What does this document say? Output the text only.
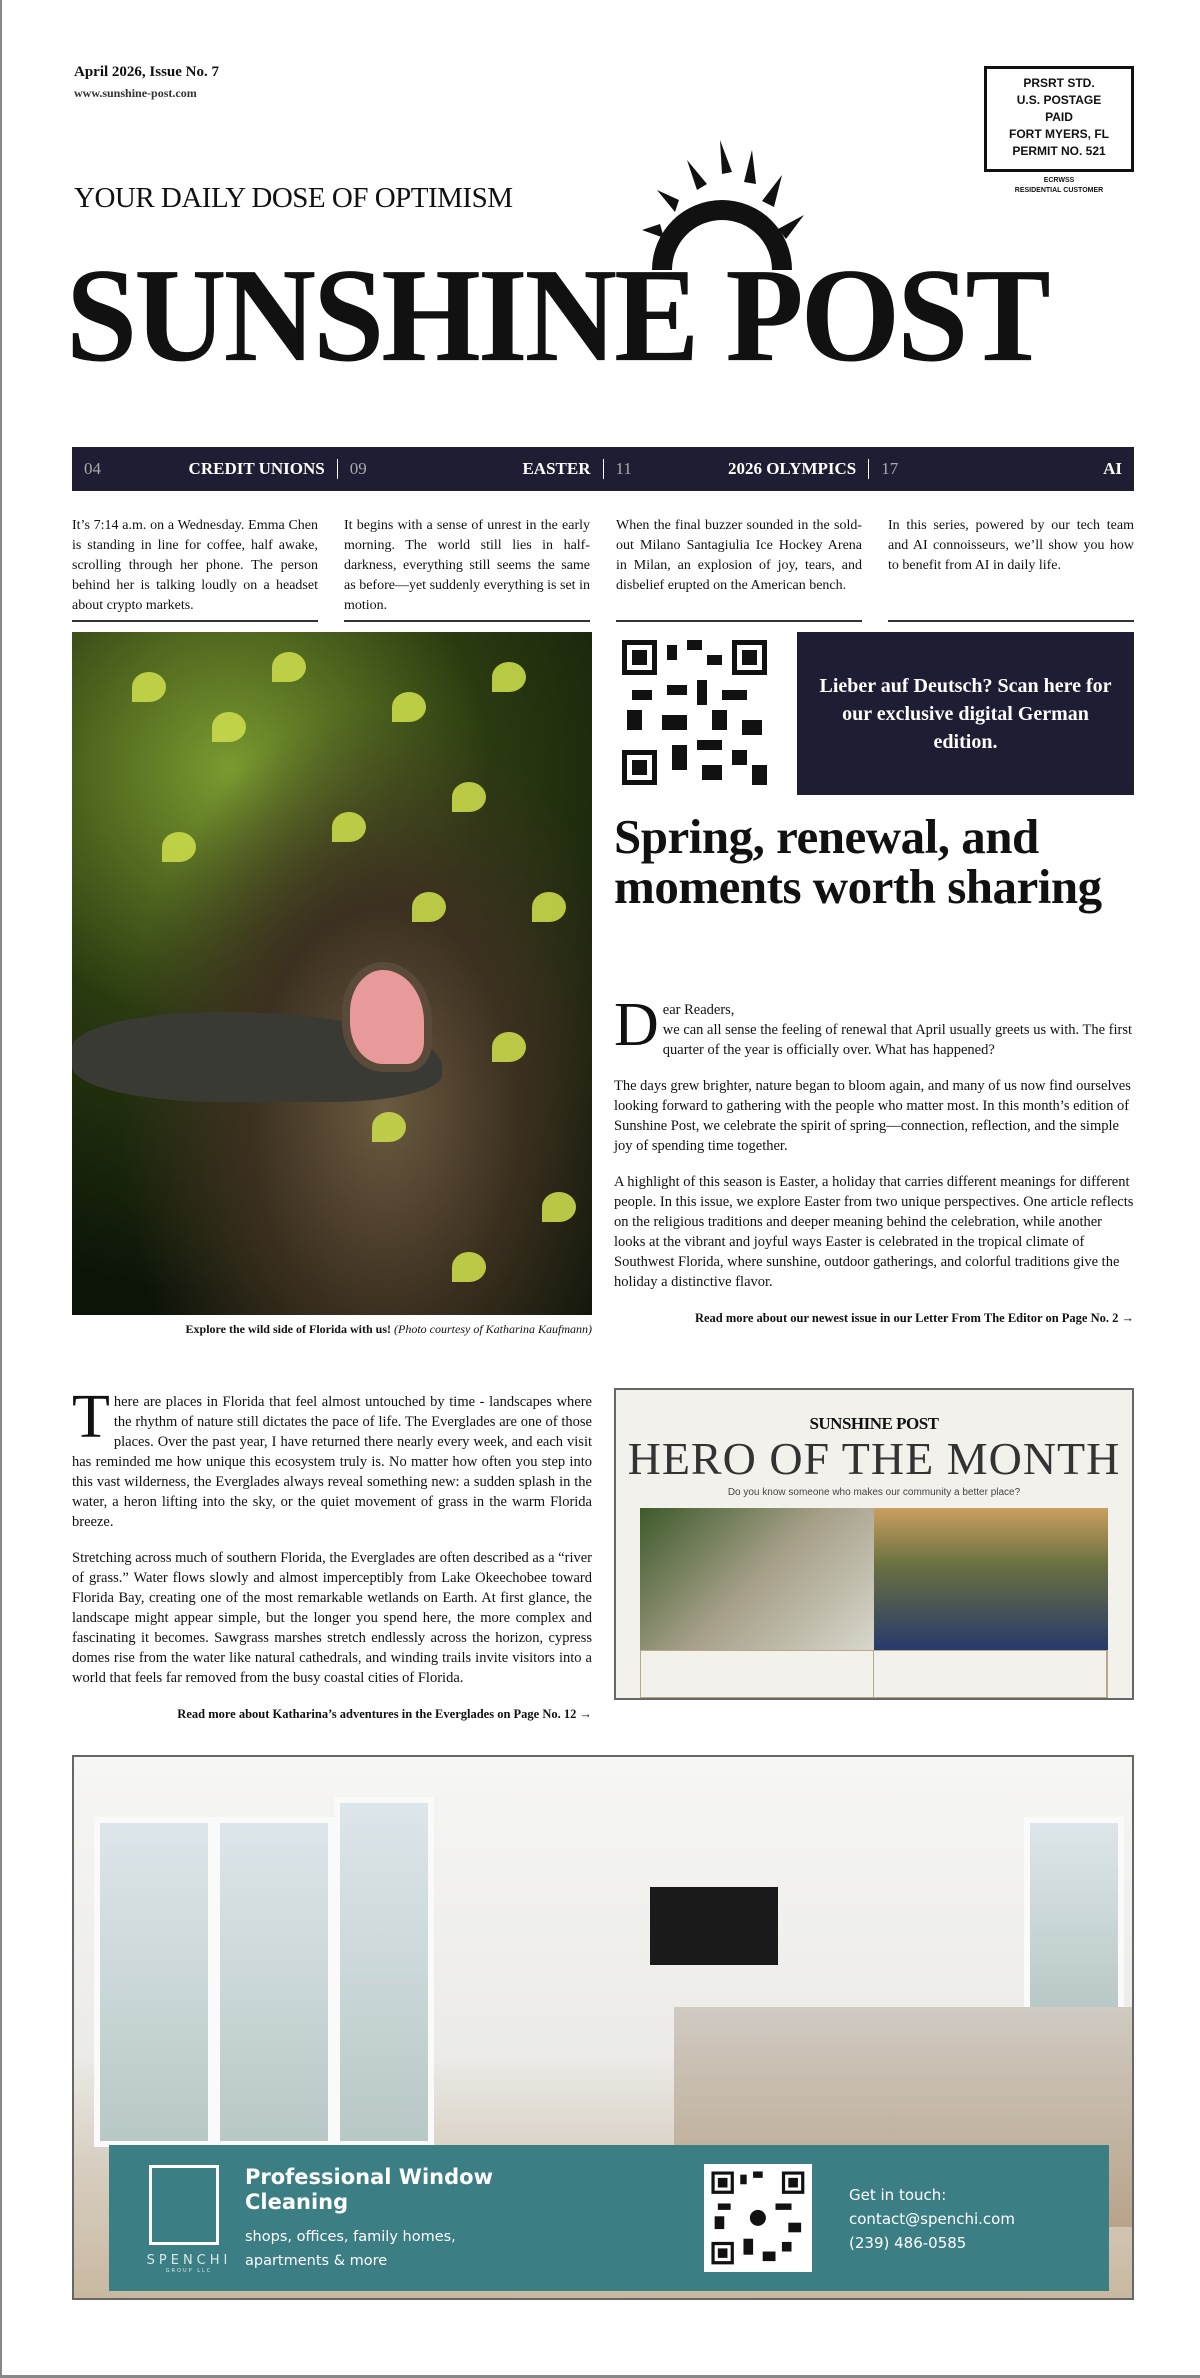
April 2026, Issue No. 7
www.sunshine-post.com
PRSRT STD.
U.S. POSTAGE
PAID
FORT MYERS, FL
PERMIT NO. 521
ECRWSS
RESIDENTIAL CUSTOMER
YOUR DAILY DOSE OF OPTIMISM
SUNSHINE POST
04	CREDIT UNIONS 09	EASTER 11	2026 OLYMPICS 17	AI
It’s 7:14 a.m. on a Wednesday. Emma Chen is standing in line for coffee, half awake, scrolling through her phone. The person behind her is talking loudly on a headset about crypto markets.
It begins with a sense of unrest in the early morning. The world still lies in half-darkness, everything still seems the same as before—yet suddenly everything is set in motion.
When the final buzzer sounded in the sold-out Milano Santagiulia Ice Hockey Arena in Milan, an explosion of joy, tears, and disbelief erupted on the American bench.
In this series, powered by our tech team and AI connoisseurs, we’ll show you how to benefit from AI in daily life.
Explore the wild side of Florida with us! (Photo courtesy of Katharina Kaufmann)
Lieber auf Deutsch? Scan here for our exclusive digital German edition.
Spring, renewal, and moments worth sharing

Dear Readers,
we can all sense the feeling of renewal that April usually greets us with. The first quarter of the year is officially over. What has happened?

The days grew brighter, nature began to bloom again, and many of us now find ourselves looking forward to gathering with the people who matter most. In this month’s edition of Sunshine Post, we celebrate the spirit of spring—connection, reflection, and the simple joy of spending time together.

A highlight of this season is Easter, a holiday that carries different meanings for different people. In this issue, we explore Easter from two unique perspectives. One article reflects on the religious traditions and deeper meaning behind the celebration, while another looks at the vibrant and joyful ways Easter is celebrated in the tropical climate of Southwest Florida, where sunshine, outdoor gatherings, and colorful traditions give the holiday a distinctive flavor.

Read more about our newest issue in our Letter From The Editor on Page No. 2 →

There are places in Florida that feel almost untouched by time - landscapes where the rhythm of nature still dictates the pace of life. The Everglades are one of those places. Over the past year, I have returned there nearly every week, and each visit has reminded me how unique this ecosystem truly is. No matter how often you step into this vast wilderness, the Everglades always reveal something new: a sudden splash in the water, a heron lifting into the sky, or the quiet movement of grass in the warm Florida breeze.

Stretching across much of southern Florida, the Everglades are often described as a “river of grass.” Water flows slowly and almost imperceptibly from Lake Okeechobee toward Florida Bay, creating one of the most remarkable wetlands on Earth. At first glance, the landscape might appear simple, but the longer you spend here, the more complex and fascinating it becomes. Sawgrass marshes stretch endlessly across the horizon, cypress domes rise from the water like natural cathedrals, and winding trails invite visitors into a world that feels far removed from the busy coastal cities of Florida.

Read more about Katharina’s adventures in the Everglades on Page No. 12 →
SUNSHINE POST
HERO OF THE MONTH
Do you know someone who makes our community a better place?
SPENCHI
GROUP LLC
Professional Window Cleaning
shops, offices, family homes, apartments & more
Get in touch:
contact@spenchi.com
(239) 486-0585
